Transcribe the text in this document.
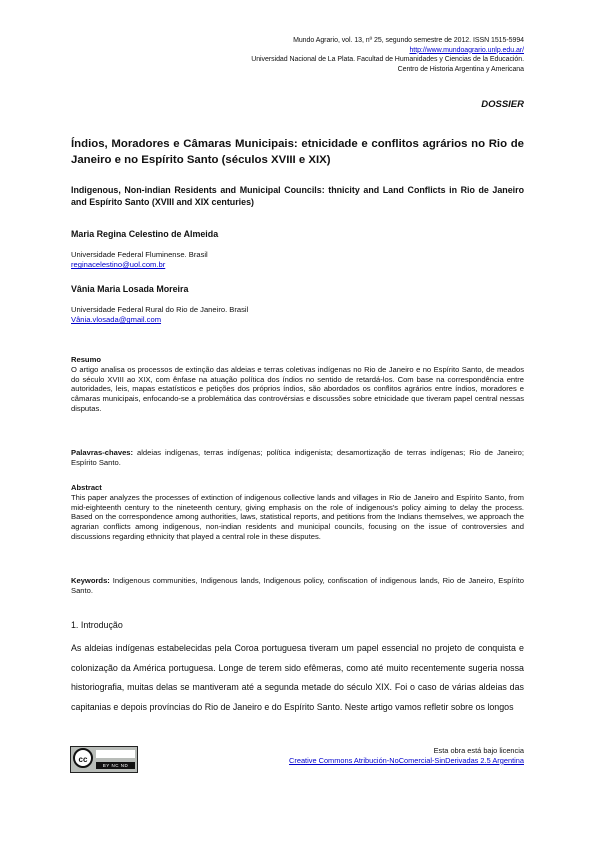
Mundo Agrario, vol. 13, nº 25, segundo semestre de 2012. ISSN 1515-5994
http://www.mundoagrario.unlp.edu.ar/
Universidad Nacional de La Plata. Facultad de Humanidades y Ciencias de la Educación.
Centro de Historia Argentina y Americana
DOSSIER
Índios, Moradores e Câmaras Municipais: etnicidade e conflitos agrários no Rio de Janeiro e no Espírito Santo (séculos XVIII e XIX)
Indigenous, Non-indian Residents and Municipal Councils: thnicity and Land Conflicts in Rio de Janeiro and Espírito Santo (XVIII and XIX centuries)
Maria Regina Celestino de Almeida
Universidade Federal Fluminense. Brasil
reginacelestino@uol.com.br
Vânia Maria Losada Moreira
Universidade Federal Rural do Rio de Janeiro. Brasil
Vânia.vlosada@gmail.com
Resumo
O artigo analisa os processos de extinção das aldeias e terras coletivas indígenas no Rio de Janeiro e no Espírito Santo, de meados do século XVIII ao XIX, com ênfase na atuação política dos índios no sentido de retardá-los. Com base na correspondência entre autoridades, leis, mapas estatísticos e petições dos próprios índios, são abordados os conflitos agrários entre índios, moradores e câmaras municipais, enfocando-se a problemática das controvérsias e discussões sobre etnicidade que tiveram papel central nessas disputas.
Palavras-chaves: aldeias indígenas, terras indígenas; política indigenista; desamortização de terras indígenas; Rio de Janeiro; Espírito Santo.
Abstract
This paper analyzes the processes of extinction of indigenous collective lands and villages in Rio de Janeiro and Espírito Santo, from mid-eighteenth century to the nineteenth century, giving emphasis on the role of indigenous's policy aiming to delay the process. Based on the correspondence among authorities, laws, statistical reports, and petitions from the Indians themselves, we approach the agrarian conflicts among indigenous, non-indian residents and municipal councils, focusing on the issue of controversies and discussions regarding ethnicity that played a central role in these disputes.
Keywords: Indigenous communities, Indigenous lands, Indigenous policy, confiscation of indigenous lands, Rio de Janeiro, Espírito Santo.
1. Introdução
As aldeias indígenas estabelecidas pela Coroa portuguesa tiveram um papel essencial no projeto de conquista e colonização da América portuguesa. Longe de terem sido efêmeras, como até muito recentemente sugeria nossa historiografia, muitas delas se mantiveram até a segunda metade do século XIX. Foi o caso de várias aldeias das capitanias e depois províncias do Rio de Janeiro e do Espírito Santo. Neste artigo vamos refletir sobre os longos
cc
BY NC ND
Esta obra está bajo licencia
Creative Commons Atribución-NoComercial-SinDerivadas 2.5 Argentina
